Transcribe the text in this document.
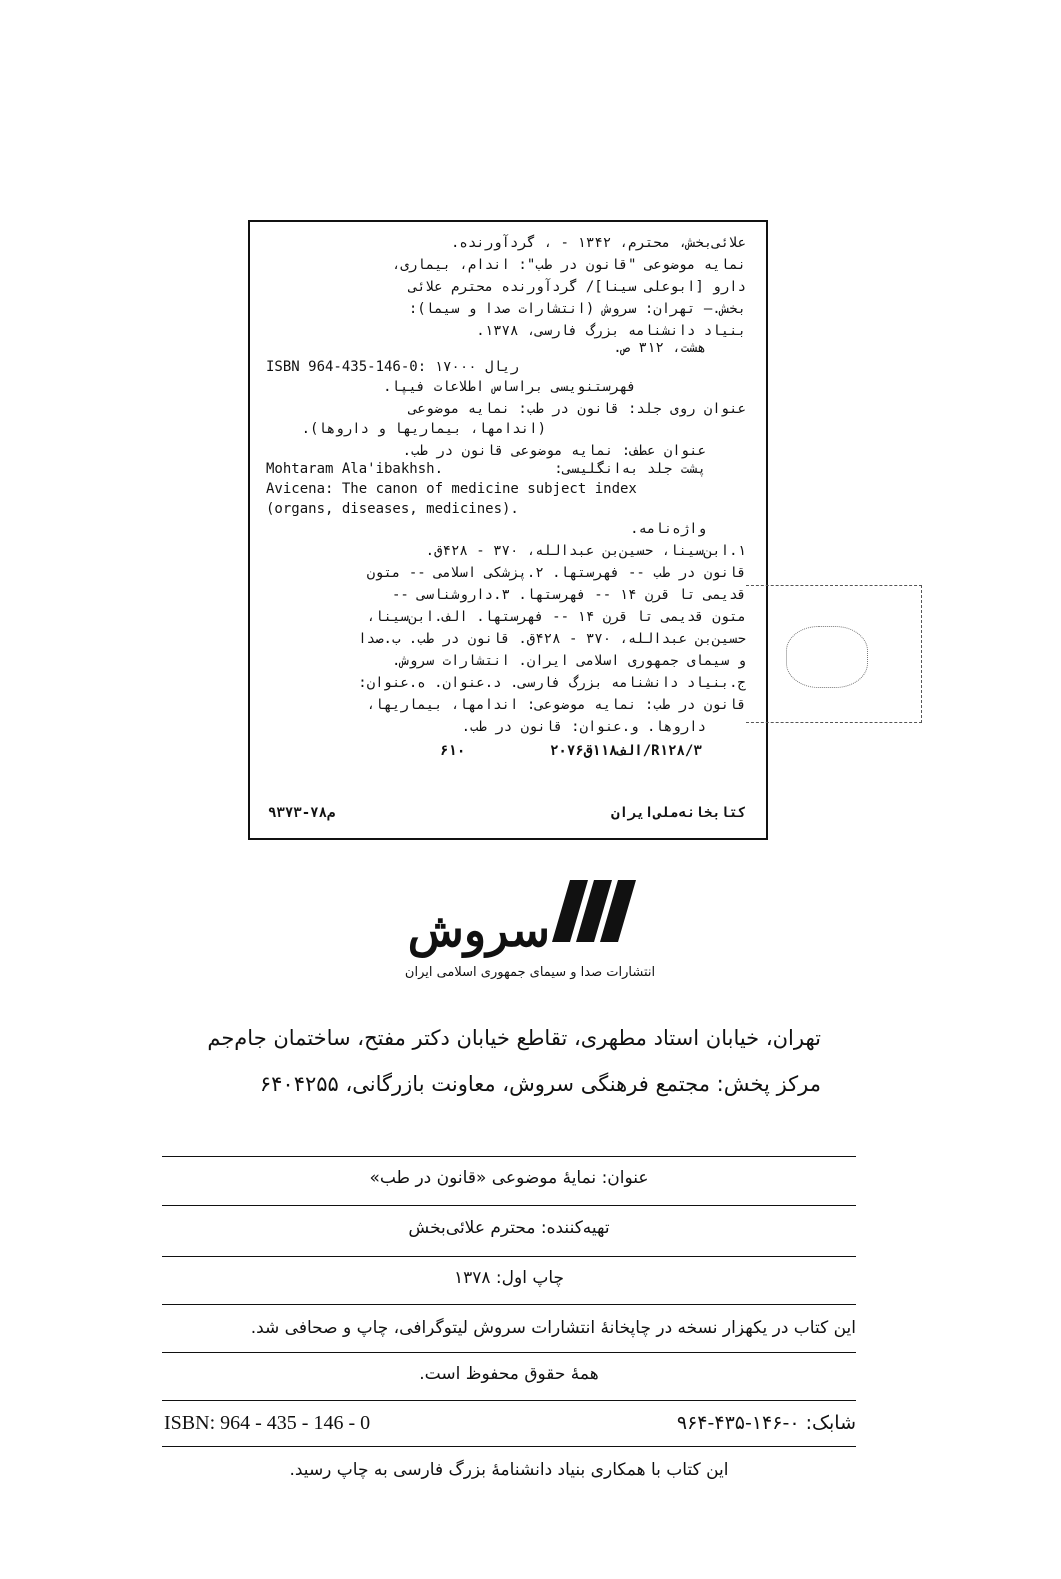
علائی‌بخش، محترم، ۱۳۴۲ - ، گردآورنده.
نمایه موضوعی "قانون در طب": اندام، بیماری،
دارو [ابوعلی سینا]/ گردآورنده محترم علائی
بخش.— تهران: سروش (انتشارات صدا و سیما):
بنیاد دانشنامه بزرگ فارسی، ۱۳۷۸.
هشت، ۳۱۲ ص.
ISBN 964-435-146-0: ۱۷۰۰۰ ریال
فهرستنویسی براساس اطلاعات فیپا.
عنوان روی جلد: قانون در طب: نمایه موضوعی
(اندامها، بیماریها و داروها).
عنوان عطف: نمایه موضوعی قانون در طب.
پشت جلد به‌انگلیسی:
Mohtaram Ala'ibakhsh.
Avicena: The canon of medicine subject index
(organs, diseases, medicines).
واژه‌نامه.
۱.ابن‌سینا، حسین‌بن عبدالله، ۳۷۰ - ۴۲۸ق.
قانون در طب -- فهرستها. ۲.پزشکی اسلامی -- متون
قدیمی تا قرن ۱۴ -- فهرستها. ۳.داروشناسی --
متون قدیمی تا قرن ۱۴ -- فهرستها. الف.ابن‌سینا،
حسین‌بن عبدالله، ۳۷۰ - ۴۲۸ق. قانون در طب. ب.صدا
و سیمای جمهوری اسلامی ایران. انتشارات سروش.
ج.بنیاد دانشنامه بزرگ فارسی. د.عنوان. ه.عنوان:
قانون در طب: نمایه موضوعی: اندامها، بیماریها،
داروها. و.عنوان: قانون در طب.
R۱۲۸/۳/الف۱۱۸ق۲۰۷۶
۶۱۰
کتابخانه‌ملی‌ایران
م۷۸-۹۳۷۳
سروش
انتشارات صدا و سیمای جمهوری اسلامی ایران
تهران، خیابان استاد مطهری، تقاطع خیابان دکتر مفتح، ساختمان جام‌جم
مرکز پخش: مجتمع فرهنگی سروش، معاونت بازرگانی، ۶۴۰۴۲۵۵
عنوان: نمایهٔ موضوعی «قانون در طب»
تهیه‌کننده: محترم علائی‌بخش
چاپ اول: ۱۳۷۸
این کتاب در یکهزار نسخه در چاپخانهٔ انتشارات سروش لیتوگرافی، چاپ و صحافی شد.
همهٔ حقوق محفوظ است.
ISBN: 964 - 435 - 146 - 0	شابک: ۰-۱۴۶-۴۳۵-۹۶۴
این کتاب با همکاری بنیاد دانشنامهٔ بزرگ فارسی به چاپ رسید.
